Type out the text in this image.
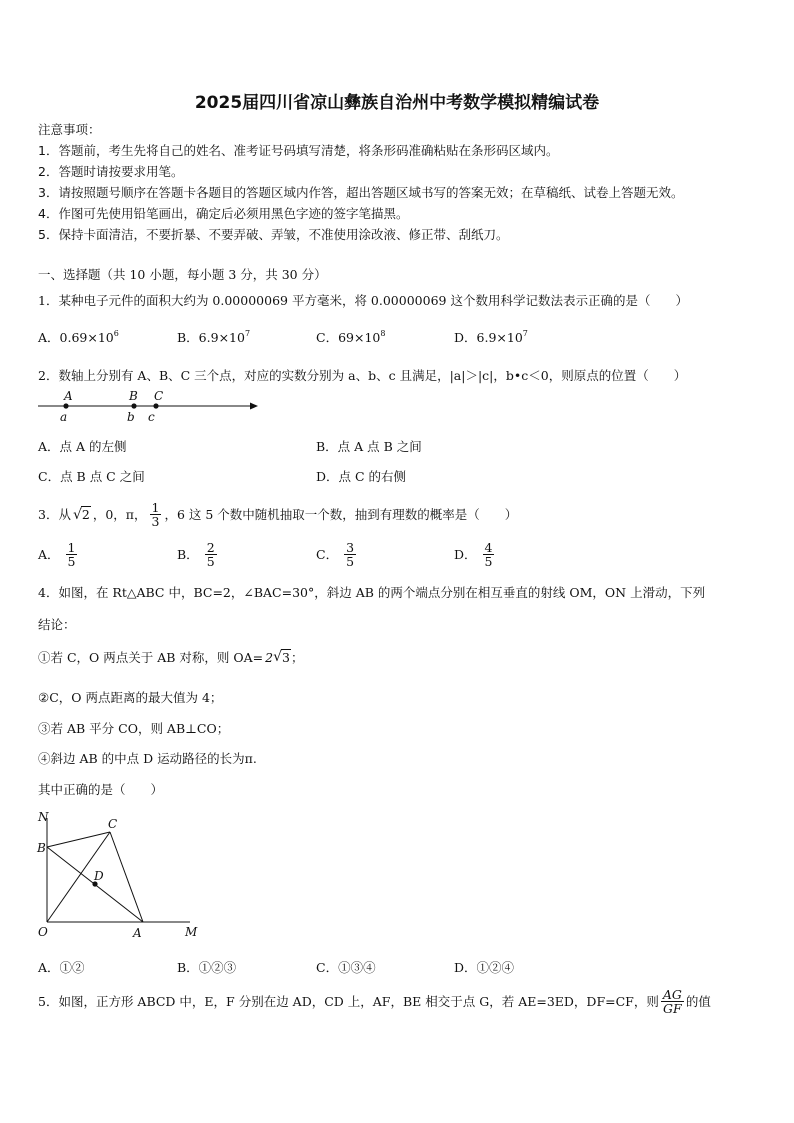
2025届四川省凉山彝族自治州中考数学模拟精编试卷
注意事项：
1．答题前，考生先将自己的姓名、准考证号码填写清楚，将条形码准确粘贴在条形码区域内。
2．答题时请按要求用笔。
3．请按照题号顺序在答题卡各题目的答题区域内作答，超出答题区域书写的答案无效；在草稿纸、试卷上答题无效。
4．作图可先使用铅笔画出，确定后必须用黑色字迹的签字笔描黑。
5．保持卡面清洁，不要折暴、不要弄破、弄皱，不准使用涂改液、修正带、刮纸刀。
一、选择题（共 10 小题，每小题 3 分，共 30 分）
1．某种电子元件的面积大约为 0.00000069 平方毫米，将 0.00000069 这个数用科学记数法表示正确的是（　　）
A．$0.69\times 10^6$	B．$6.9\times 10^7$	C．$69\times 10^8$	D．$6.9\times 10^7$
2．数轴上分别有 A、B、C 三个点，对应的实数分别为 a、b、c 且满足，|a|＞|c|，b•c＜0，则原点的位置（　　）
A	B C
a	b c
A．点 A 的左侧	B．点 A 点 B 之间
C．点 B 点 C 之间	D．点 C 的右侧
3．从 √2 ，0，π， $\frac{1}{3}$ ，6 这 5 个数中随机抽取一个数，抽到有理数的概率是（　　）
A． $\frac{1}{5}$	B． $\frac{2}{5}$	C． $\frac{3}{5}$	D． $\frac{4}{5}$
4．如图，在 Rt△ABC 中，BC=2，∠BAC=30°，斜边 AB 的两个端点分别在相互垂直的射线 OM，ON 上滑动，下列
结论：
①若 C，O 两点关于 AB 对称，则 OA= 2 √ 3 ；
②C，O 两点距离的最大值为 4；
③若 AB 平分 CO，则 AB⊥CO；
④斜边 AB 的中点 D 运动路径的长为π.
其中正确的是（　　）
N	C
B
D
O	A	M
A．①②	B．①②③	C．①③④	D．①②④
5．如图，正方形 ABCD 中，E，F 分别在边 AD，CD 上，AF，BE 相交于点 G，若 AE=3ED，DF=CF，则 $\frac{AG}{GF}$ 的值
